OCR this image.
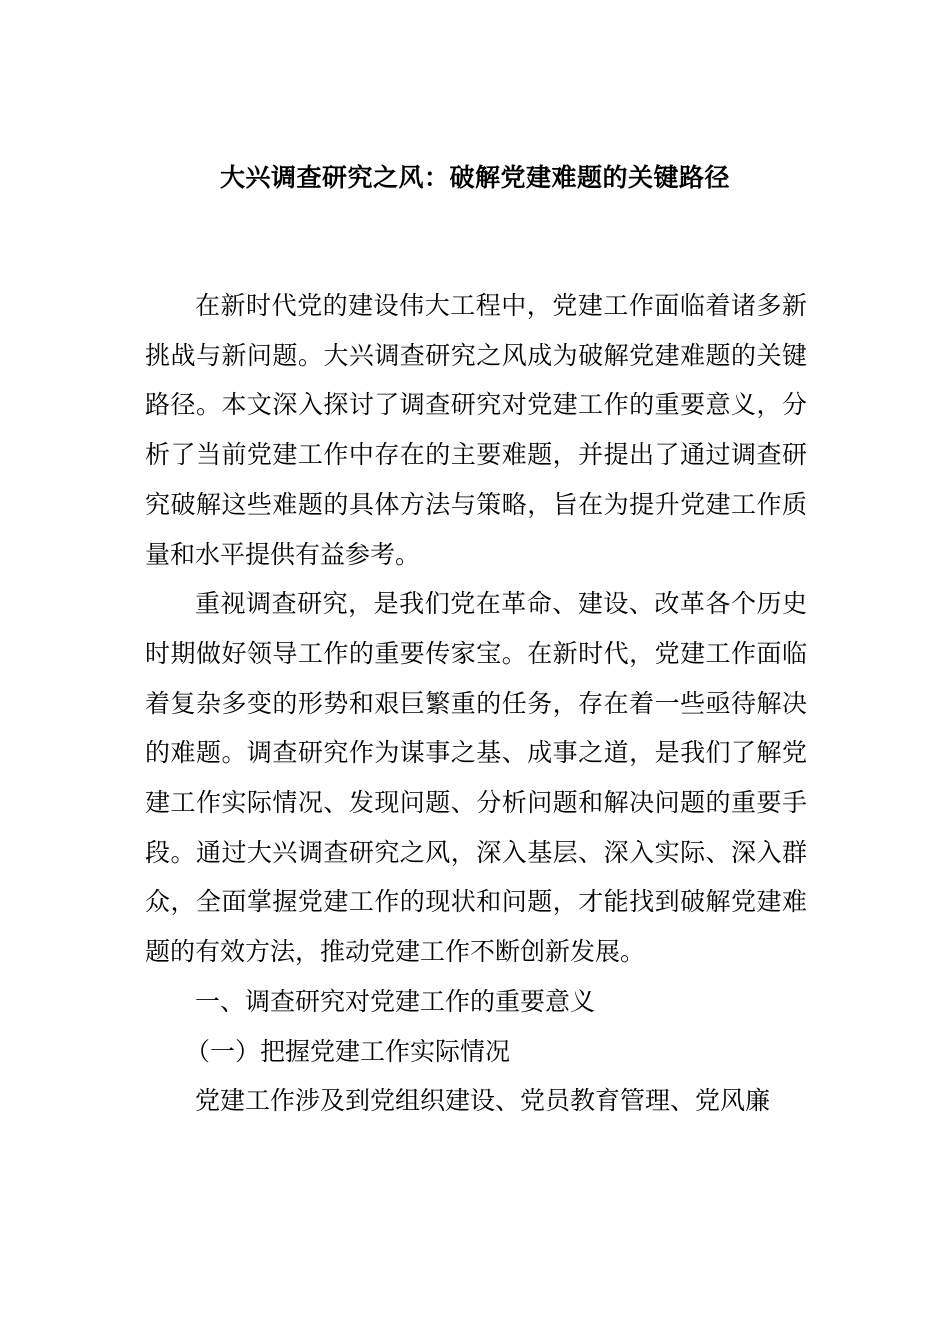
大兴调查研究之风：破解党建难题的关键路径

在新时代党的建设伟大工程中，党建工作面临着诸多新挑战与新问题。大兴调查研究之风成为破解党建难题的关键路径。本文深入探讨了调查研究对党建工作的重要意义，分析了当前党建工作中存在的主要难题，并提出了通过调查研究破解这些难题的具体方法与策略，旨在为提升党建工作质量和水平提供有益参考。

重视调查研究，是我们党在革命、建设、改革各个历史时期做好领导工作的重要传家宝。在新时代，党建工作面临着复杂多变的形势和艰巨繁重的任务，存在着一些亟待解决的难题。调查研究作为谋事之基、成事之道，是我们了解党建工作实际情况、发现问题、分析问题和解决问题的重要手段。通过大兴调查研究之风，深入基层、深入实际、深入群众，全面掌握党建工作的现状和问题，才能找到破解党建难题的有效方法，推动党建工作不断创新发展。

一、调查研究对党建工作的重要意义

（一）把握党建工作实际情况

党建工作涉及到党组织建设、党员教育管理、党风廉
